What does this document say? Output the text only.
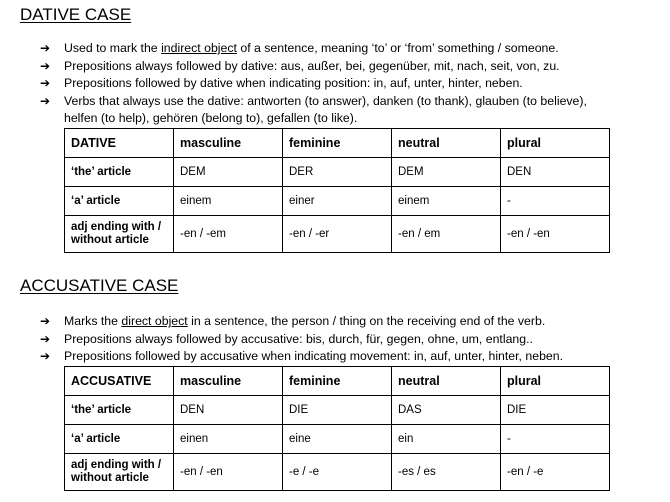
DATIVE CASE
➔ Used to mark the indirect object of a sentence, meaning ‘to’ or ‘from’ something / someone.
➔ Prepositions always followed by dative: aus, außer, bei, gegenüber, mit, nach, seit, von, zu.
➔ Prepositions followed by dative when indicating position: in, auf, unter, hinter, neben.
➔ Verbs that always use the dative: antworten (to answer), danken (to thank), glauben (to believe), helfen (to help), gehören (belong to), gefallen (to like).
DATIVE	masculine	feminine	neutral	plural
‘the’ article	DEM	DER	DEM	DEN
‘a’ article	einem	einer	einem	-
adj ending with / without article	-en / -em	-en / -er	-en / em	-en / -en
ACCUSATIVE CASE
➔ Marks the direct object in a sentence, the person / thing on the receiving end of the verb.
➔ Prepositions always followed by accusative: bis, durch, für, gegen, ohne, um, entlang..
➔ Prepositions followed by accusative when indicating movement: in, auf, unter, hinter, neben.
ACCUSATIVE	masculine	feminine	neutral	plural
‘the’ article	DEN	DIE	DAS	DIE
‘a’ article	einen	eine	ein	-
adj ending with / without article	-en / -en	-e / -e	-es / es	-en / -e
